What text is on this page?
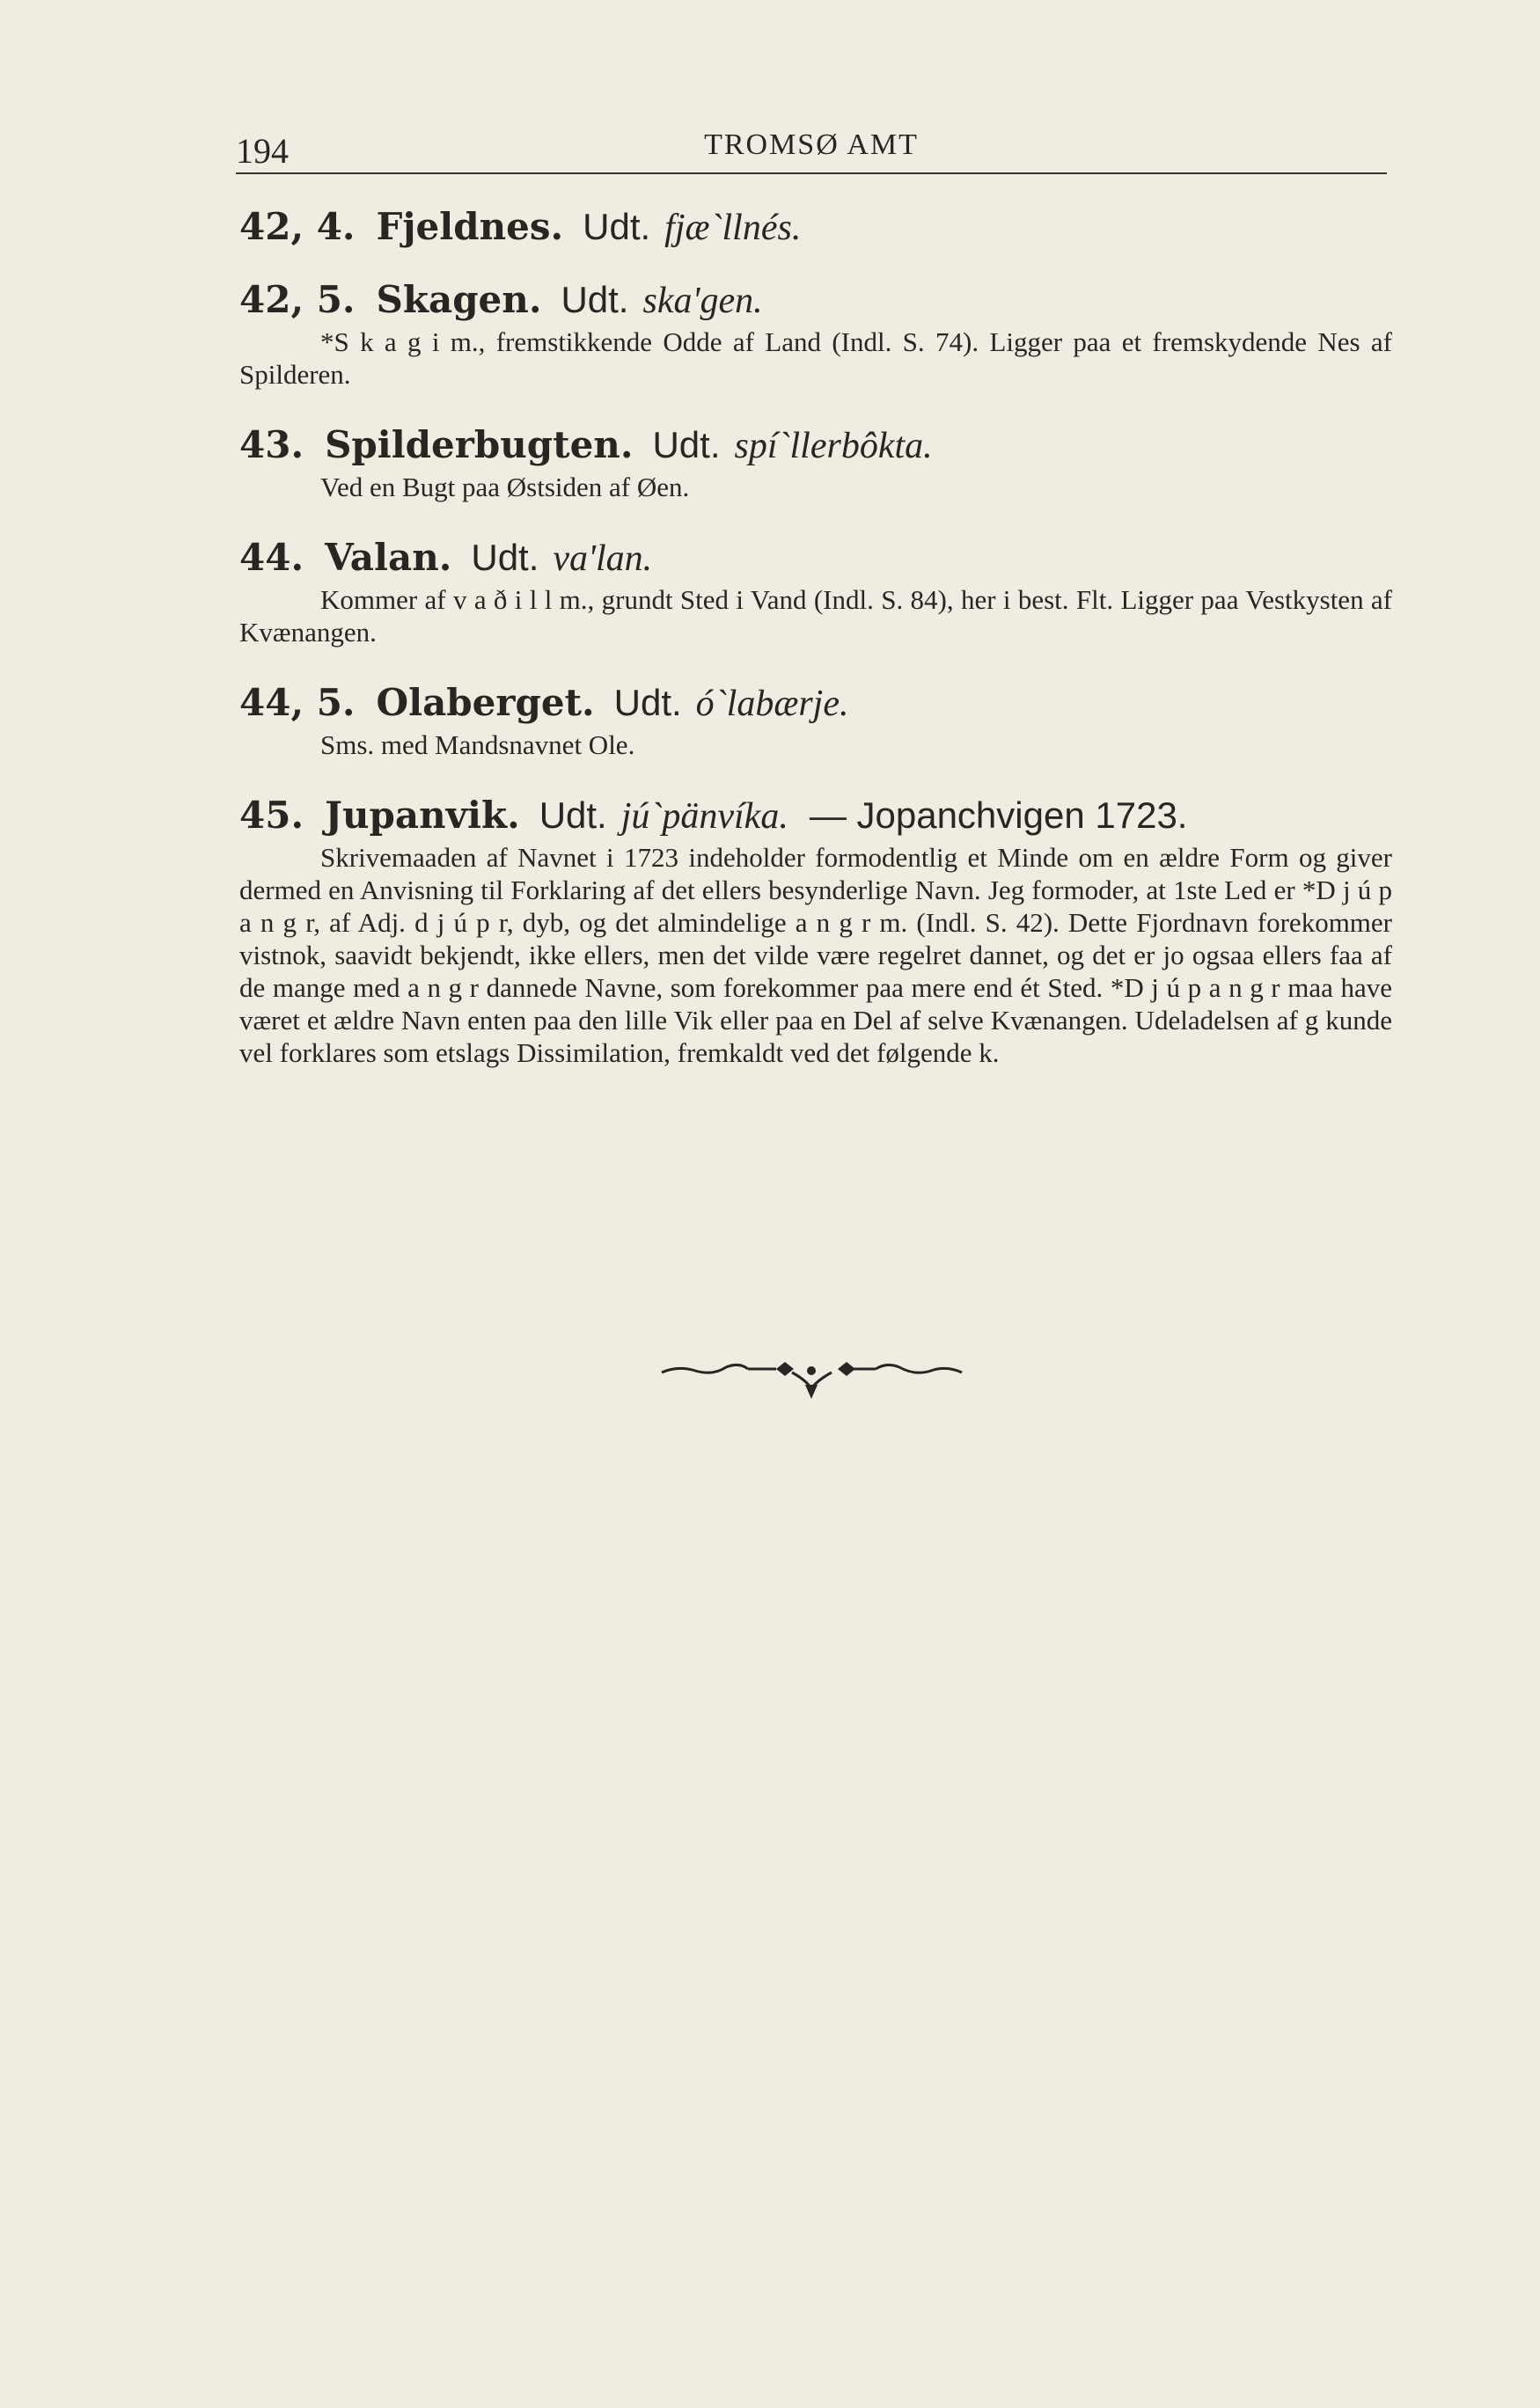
194	TROMSØ AMT

42, 4. Fjeldnes. Udt. fjæ`llnés.

42, 5. Skagen. Udt. skaʹgen.

*S k a g i m., fremstikkende Odde af Land (Indl. S. 74). Ligger paa et fremskydende Nes af Spilderen.

43. Spilderbugten. Udt. spí`llerbôkta.

Ved en Bugt paa Østsiden af Øen.

44. Valan. Udt. vaʹlan.

Kommer af v a ð i l l m., grundt Sted i Vand (Indl. S. 84), her i best. Flt. Ligger paa Vestkysten af Kvænangen.

44, 5. Olaberget. Udt. ó`labærje.

Sms. med Mandsnavnet Ole.

45. Jupanvik. Udt. jú`pänvíka. — Jopanchvigen 1723.

Skrivemaaden af Navnet i 1723 indeholder formodentlig et Minde om en ældre Form og giver dermed en Anvisning til Forklaring af det ellers besynderlige Navn. Jeg formoder, at 1ste Led er *D j ú p a n g r, af Adj. d j ú p r, dyb, og det almindelige a n g r m. (Indl. S. 42). Dette Fjordnavn forekommer vistnok, saavidt bekjendt, ikke ellers, men det vilde være regelret dannet, og det er jo ogsaa ellers faa af de mange med a n g r dannede Navne, som forekommer paa mere end ét Sted. *D j ú p a n g r maa have været et ældre Navn enten paa den lille Vik eller paa en Del af selve Kvænangen. Udeladelsen af g kunde vel forklares som etslags Dissimilation, fremkaldt ved det følgende k.
